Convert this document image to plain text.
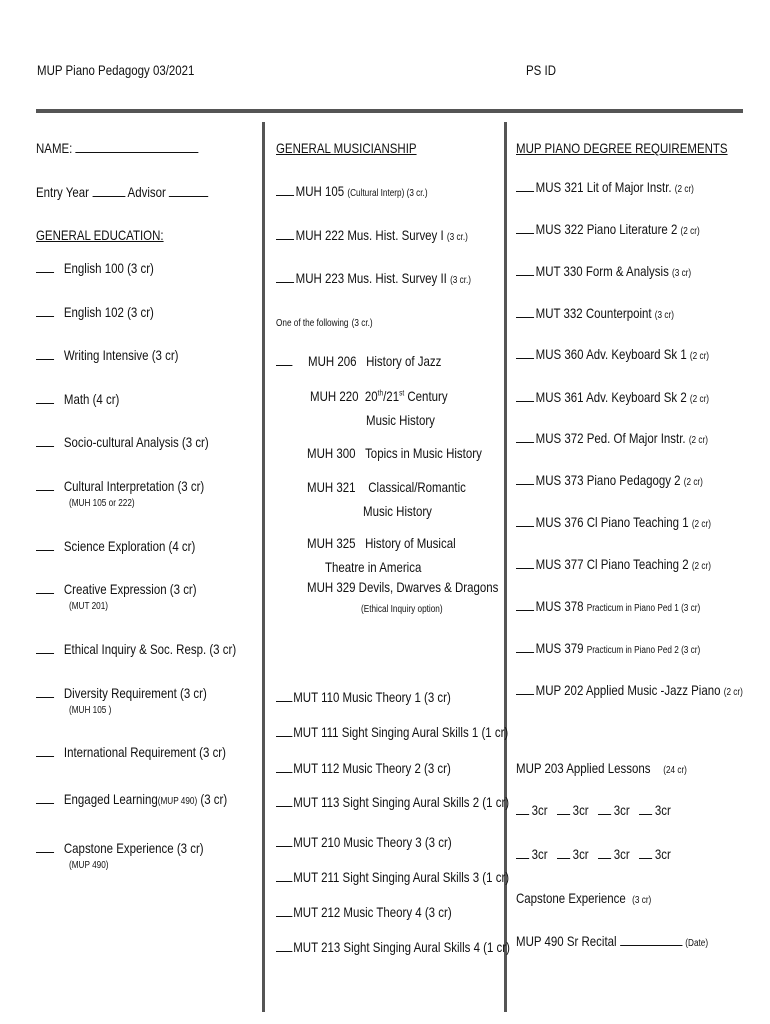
MUP Piano Pedagogy 03/2021	PS ID
NAME:
Entry Year	Advisor
GENERAL EDUCATION:
English 100 (3 cr)
English 102 (3 cr)
Writing Intensive (3 cr)
Math (4 cr)
Socio-cultural Analysis (3 cr)
Cultural Interpretation (3 cr)
(MUH 105 or 222)
Science Exploration (4 cr)
Creative Expression (3 cr)
(MUT 201)
Ethical Inquiry & Soc. Resp. (3 cr)
Diversity Requirement (3 cr)
(MUH 105 )
International Requirement (3 cr)
Engaged Learning(MUP 490) (3 cr)
Capstone Experience (3 cr)
(MUP 490)
GENERAL MUSICIANSHIP
MUH 105 (Cultural Interp) (3 cr.)
MUH 222 Mus. Hist. Survey I (3 cr.)
MUH 223 Mus. Hist. Survey II (3 cr.)
One of the following (3 cr.)
MUH 206 History of Jazz
MUH 220 20th/21st Century
Music History
MUH 300 Topics in Music History
MUH 321 Classical/Romantic
Music History
MUH 325 History of Musical
Theatre in America
MUH 329 Devils, Dwarves & Dragons
(Ethical Inquiry option)
MUT 110 Music Theory 1 (3 cr)
MUT 111 Sight Singing Aural Skills 1 (1 cr)
MUT 112 Music Theory 2 (3 cr)
MUT 113 Sight Singing Aural Skills 2 (1 cr)
MUT 210 Music Theory 3 (3 cr)
MUT 211 Sight Singing Aural Skills 3 (1 cr)
MUT 212 Music Theory 4 (3 cr)
MUT 213 Sight Singing Aural Skills 4 (1 cr)
MUP PIANO DEGREE REQUIREMENTS
MUS 321 Lit of Major Instr. (2 cr)
MUS 322 Piano Literature 2 (2 cr)
MUT 330 Form & Analysis (3 cr)
MUT 332 Counterpoint (3 cr)
MUS 360 Adv. Keyboard Sk 1 (2 cr)
MUS 361 Adv. Keyboard Sk 2 (2 cr)
MUS 372 Ped. Of Major Instr. (2 cr)
MUS 373 Piano Pedagogy 2 (2 cr)
MUS 376 Cl Piano Teaching 1 (2 cr)
MUS 377 Cl Piano Teaching 2 (2 cr)
MUS 378 Practicum in Piano Ped 1 (3 cr)
MUS 379 Practicum in Piano Ped 2 (3 cr)
MUP 202 Applied Music -Jazz Piano (2 cr)
MUP 203 Applied Lessons (24 cr)
3cr 3cr 3cr 3cr
3cr 3cr 3cr 3cr
Capstone Experience (3 cr)
MUP 490 Sr Recital	(Date)
